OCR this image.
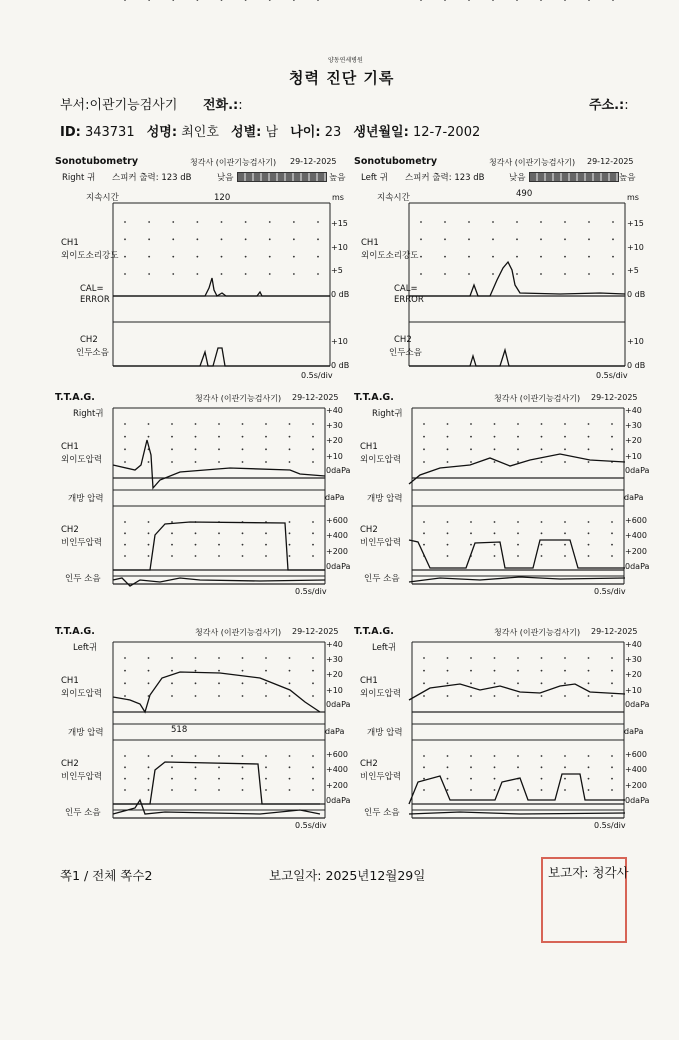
양동연세병원
청력 진단 기록
부서:이관기능검사기 전화.::	주소.::
ID: 343731 성명: 최인호 성별: 남 나이: 23 생년월일: 12-7-2002
Sonotubometry	청각사 (이관기능검사기) 29-12-2025
Right 귀 스피커 출력: 123 dB	낮음	높음
지속시간	120	ms
CH1
외이도소리강도
CAL=
ERROR
CH2
인두소음
+15
+10
+5
0 dB
+10
0 dB
0.5s/div
Sonotubometry	청각사 (이관기능검사기) 29-12-2025
Left 귀 스피커 출력: 123 dB	낮음	높음
지속시간	490	ms
CH1
외이도소리강도
CAL=
ERROR
CH2
인두소음
+15
+10
+5
0 dB
+10
0 dB
0.5s/div
T.T.A.G.	청각사 (이관기능검사기) 29-12-2025
Right귀
CH1
외이도압력
개방 압력
CH2
비인두압력
인두 소음
0.5s/div
daPa
+40
+30
+20
+10
0daPa
+600
+400
+200
0daPa
T.T.A.G.	청각사 (이관기능검사기) 29-12-2025
Right귀
CH1
외이도압력
개방 압력
CH2
비인두압력
인두 소음
0.5s/div
daPa
+40
+30
+20
+10
0daPa
+600
+400
+200
0daPa
T.T.A.G.	청각사 (이관기능검사기) 29-12-2025
Left귀
CH1
외이도압력
개방 압력	518
CH2
비인두압력
인두 소음
0.5s/div
daPa
+40
+30
+20
+10
0daPa
+600
+400
+200
0daPa
T.T.A.G.	청각사 (이관기능검사기) 29-12-2025
Left귀
CH1
외이도압력
개방 압력
CH2
비인두압력
인두 소음
0.5s/div
daPa
+40
+30
+20
+10
0daPa
+600
+400
+200
0daPa
쪽1 / 전체 쪽수2	보고일자: 2025년12월29일	보고자: 청각사
